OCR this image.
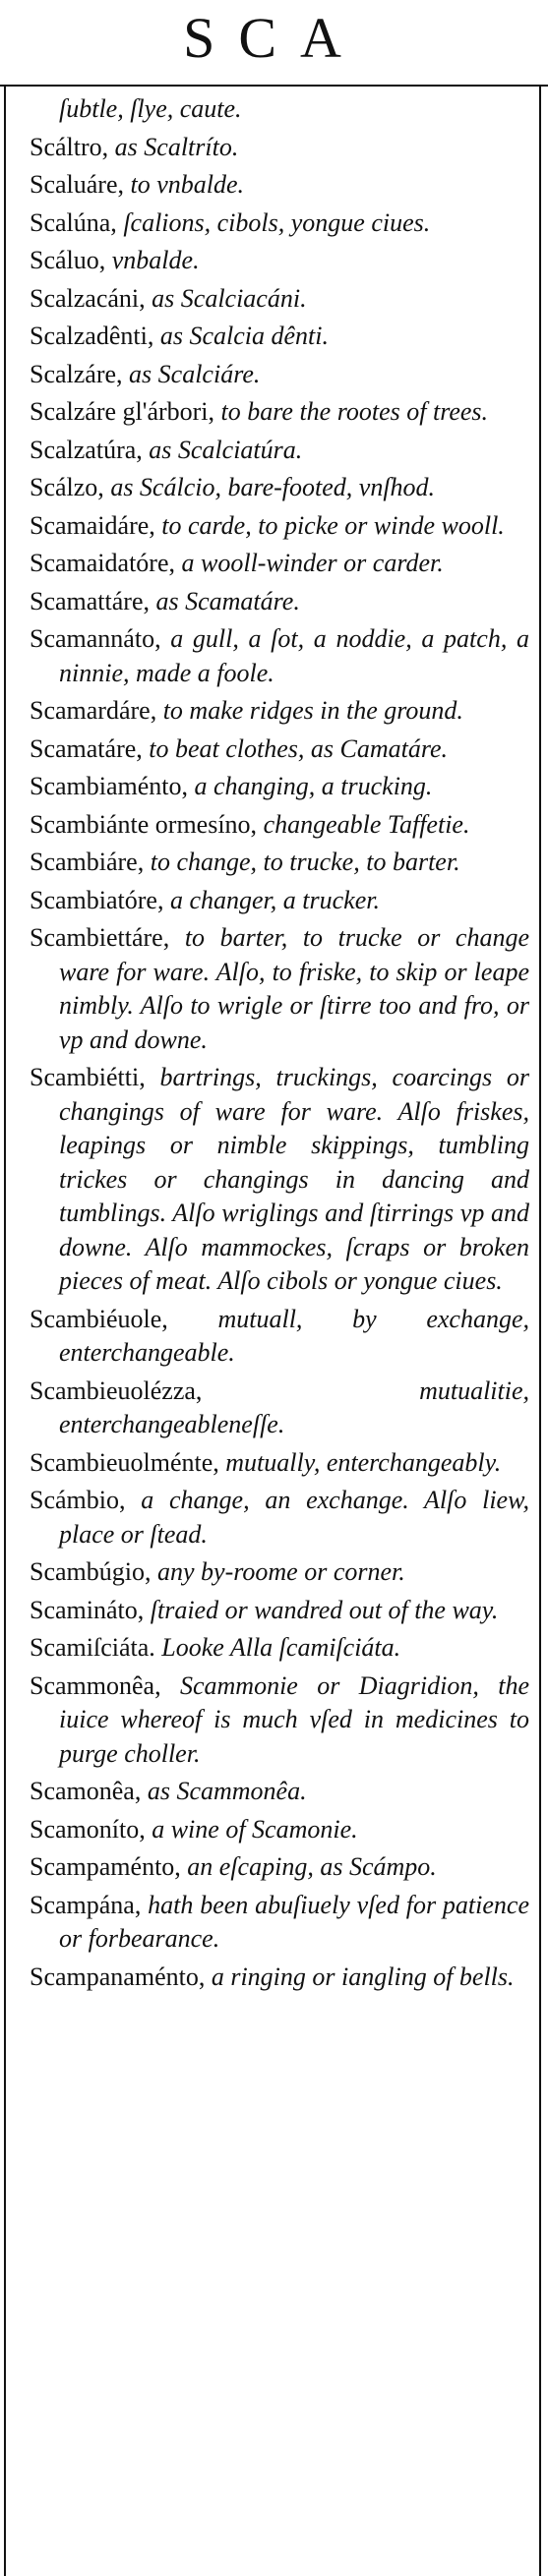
SCA

ſubtle, ſlye, caute.

Scáltro, as Scaltríto.

Scaluáre, to vnbalde.

Scalúna, ſcalions, cibols, yongue ciues.

Scáluo, vnbalde.

Scalzacáni, as Scalciacáni.

Scalzadênti, as Scalcia dênti.

Scalzáre, as Scalciáre.

Scalzáre gl'árbori, to bare the rootes of trees.

Scalzatúra, as Scalciatúra.

Scálzo, as Scálcio, bare-footed, vnſhod.

Scamaidáre, to carde, to picke or winde wooll.

Scamaidatóre, a wooll-winder or carder.

Scamattáre, as Scamatáre.

Scamannáto, a gull, a ſot, a noddie, a patch, a ninnie, made a foole.

Scamardáre, to make ridges in the ground.

Scamatáre, to beat clothes, as Camatáre.

Scambiaménto, a changing, a trucking.

Scambiánte ormesíno, changeable Taffetie.

Scambiáre, to change, to trucke, to barter.

Scambiatóre, a changer, a trucker.

Scambiettáre, to barter, to trucke or change ware for ware. Alſo, to friske, to skip or leape nimbly. Alſo to wrigle or ſtirre too and fro, or vp and downe.

Scambiétti, bartrings, truckings, coarcings or changings of ware for ware. Alſo friskes, leapings or nimble skippings, tumbling trickes or changings in dancing and tumblings. Alſo wriglings and ſtirrings vp and downe. Alſo mammockes, ſcraps or broken pieces of meat. Alſo cibols or yongue ciues.

Scambiéuole, mutuall, by exchange, enterchangeable.

Scambieuolézza, mutualitie, enterchangeableneſſe.

Scambieuolménte, mutually, enterchangeably.

Scámbio, a change, an exchange. Alſo liew, place or ſtead.

Scambúgio, any by-roome or corner.

Scamináto, ſtraied or wandred out of the way.

Scamiſciáta. Looke Alla ſcamiſciáta.

Scammonêa, Scammonie or Diagridion, the iuice whereof is much vſed in medicines to purge choller.

Scamonêa, as Scammonêa.

Scamoníto, a wine of Scamonie.

Scampaménto, an eſcaping, as Scámpo.

Scampána, hath been abuſiuely vſed for patience or forbearance.

Scampanaménto, a ringing or iangling of bells.
